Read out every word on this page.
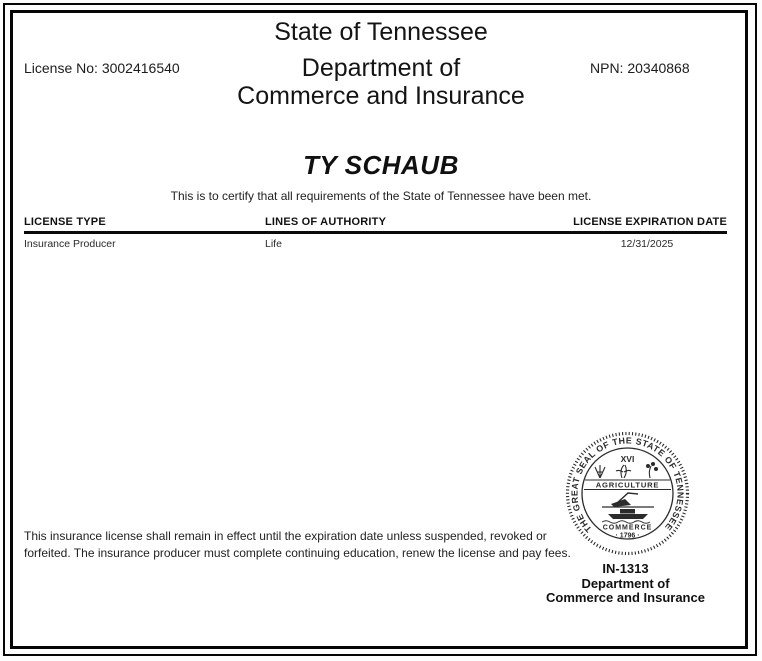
State of Tennessee
Department of
Commerce and Insurance
License No: 3002416540	NPN: 20340868
TY SCHAUB
This is to certify that all requirements of the State of Tennessee have been met.
LICENSE TYPE	LINES OF AUTHORITY	LICENSE EXPIRATION DATE
Insurance Producer	Life	12/31/2025
This insurance license shall remain in effect until the expiration date unless suspended, revoked or
forfeited. The insurance producer must complete continuing education, renew the license and pay fees.
THE GREAT SEAL OF THE STATE OF TENNESSEE
XVI
AGRICULTURE
COMMERCE
· 1796 ·
IN-1313
Department of
Commerce and Insurance
